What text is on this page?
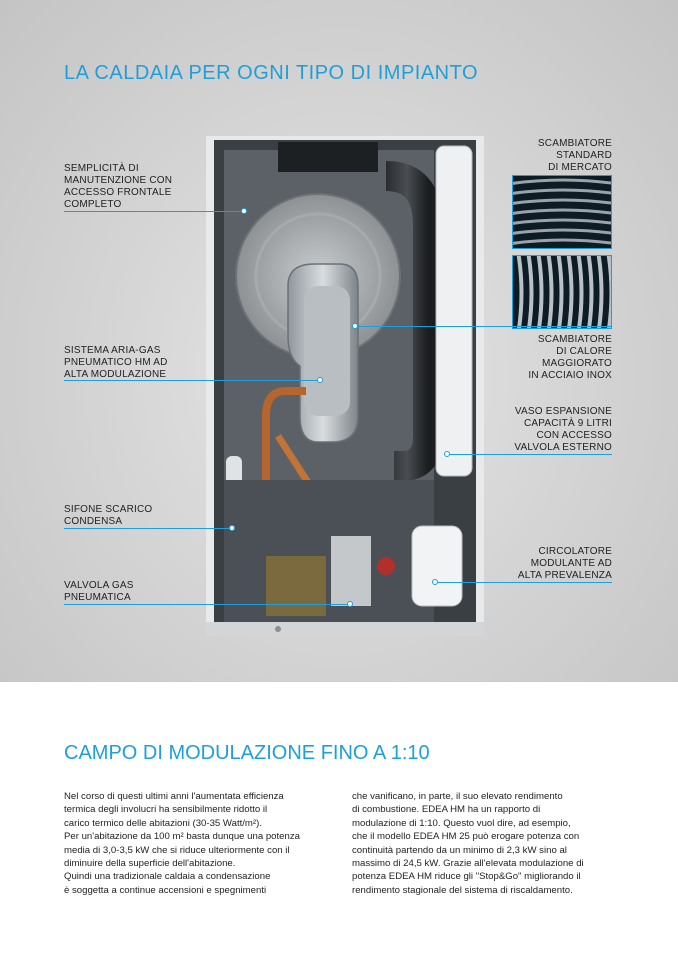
LA CALDAIA PER OGNI TIPO DI IMPIANTO
SEMPLICITÀ DI
MANUTENZIONE CON
ACCESSO FRONTALE
COMPLETO
SISTEMA ARIA-GAS
PNEUMATICO HM AD
ALTA MODULAZIONE
SIFONE SCARICO
CONDENSA
VALVOLA GAS
PNEUMATICA
SCAMBIATORE
STANDARD
DI MERCATO
SCAMBIATORE
DI CALORE
MAGGIORATO
IN ACCIAIO INOX
VASO ESPANSIONE
CAPACITÀ 9 LITRI
CON ACCESSO
VALVOLA ESTERNO
CIRCOLATORE
MODULANTE AD
ALTA PREVALENZA
CAMPO DI MODULAZIONE FINO A 1:10

Nel corso di questi ultimi anni l'aumentata efficienza

termica degli involucri ha sensibilmente ridotto il

carico termico delle abitazioni (30-35 Watt/m²).

Per un'abitazione da 100 m² basta dunque una potenza

media di 3,0-3,5 kW che si riduce ulteriormente con il

diminuire della superficie dell'abitazione.

Quindi una tradizionale caldaia a condensazione

è soggetta a continue accensioni e spegnimenti

che vanificano, in parte, il suo elevato rendimento

di combustione. EDEA HM ha un rapporto di

modulazione di 1:10. Questo vuol dire, ad esempio,

che il modello EDEA HM 25 può erogare potenza con

continuità partendo da un minimo di 2,3 kW sino al

massimo di 24,5 kW. Grazie all'elevata modulazione di

potenza EDEA HM riduce gli "Stop&Go" migliorando il

rendimento stagionale del sistema di riscaldamento.
